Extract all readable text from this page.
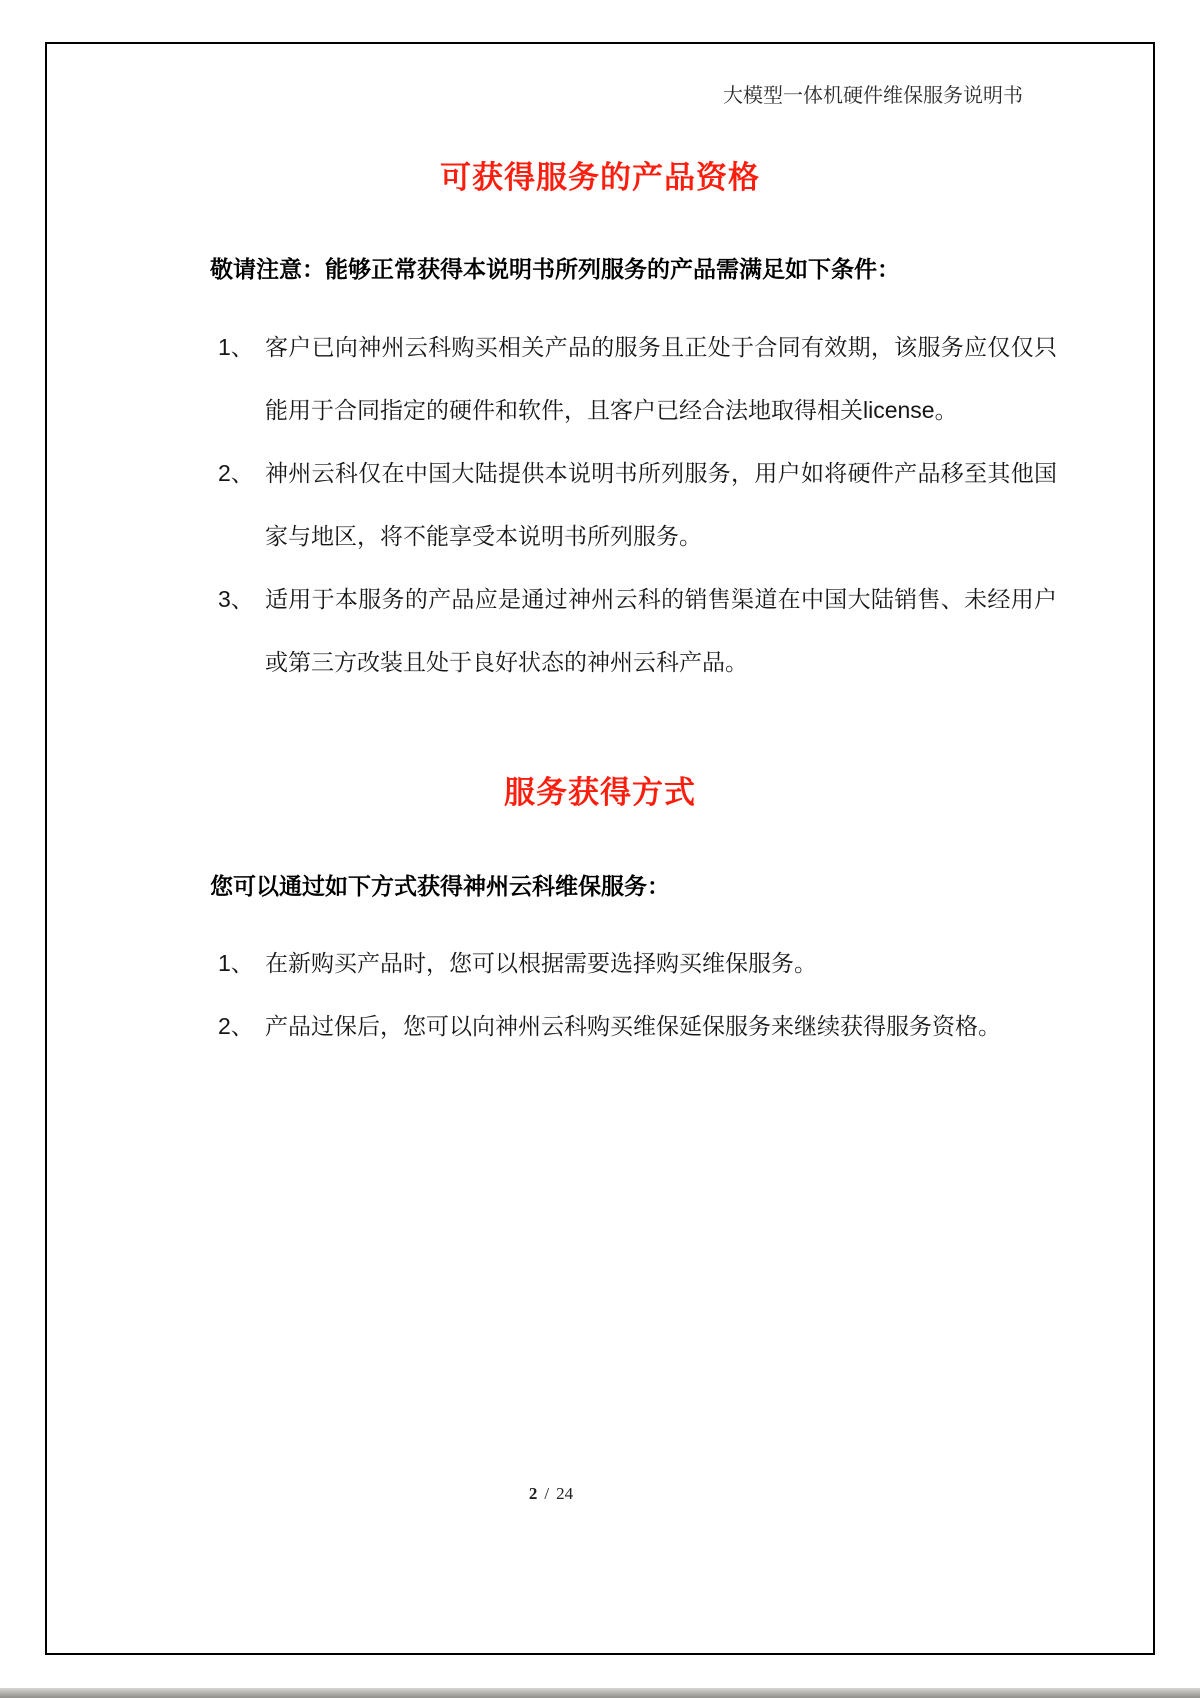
大模型一体机硬件维保服务说明书
可获得服务的产品资格
敬请注意：能够正常获得本说明书所列服务的产品需满足如下条件：
1、 客户已向神州云科购买相关产品的服务且正处于合同有效期，该服务应仅仅只能用于合同指定的硬件和软件，且客户已经合法地取得相关license。
2、 神州云科仅在中国大陆提供本说明书所列服务，用户如将硬件产品移至其他国家与地区，将不能享受本说明书所列服务。
3、 适用于本服务的产品应是通过神州云科的销售渠道在中国大陆销售、未经用户或第三方改装且处于良好状态的神州云科产品。
服务获得方式
您可以通过如下方式获得神州云科维保服务：
1、 在新购买产品时，您可以根据需要选择购买维保服务。
2、 产品过保后，您可以向神州云科购买维保延保服务来继续获得服务资格。
2 / 24
